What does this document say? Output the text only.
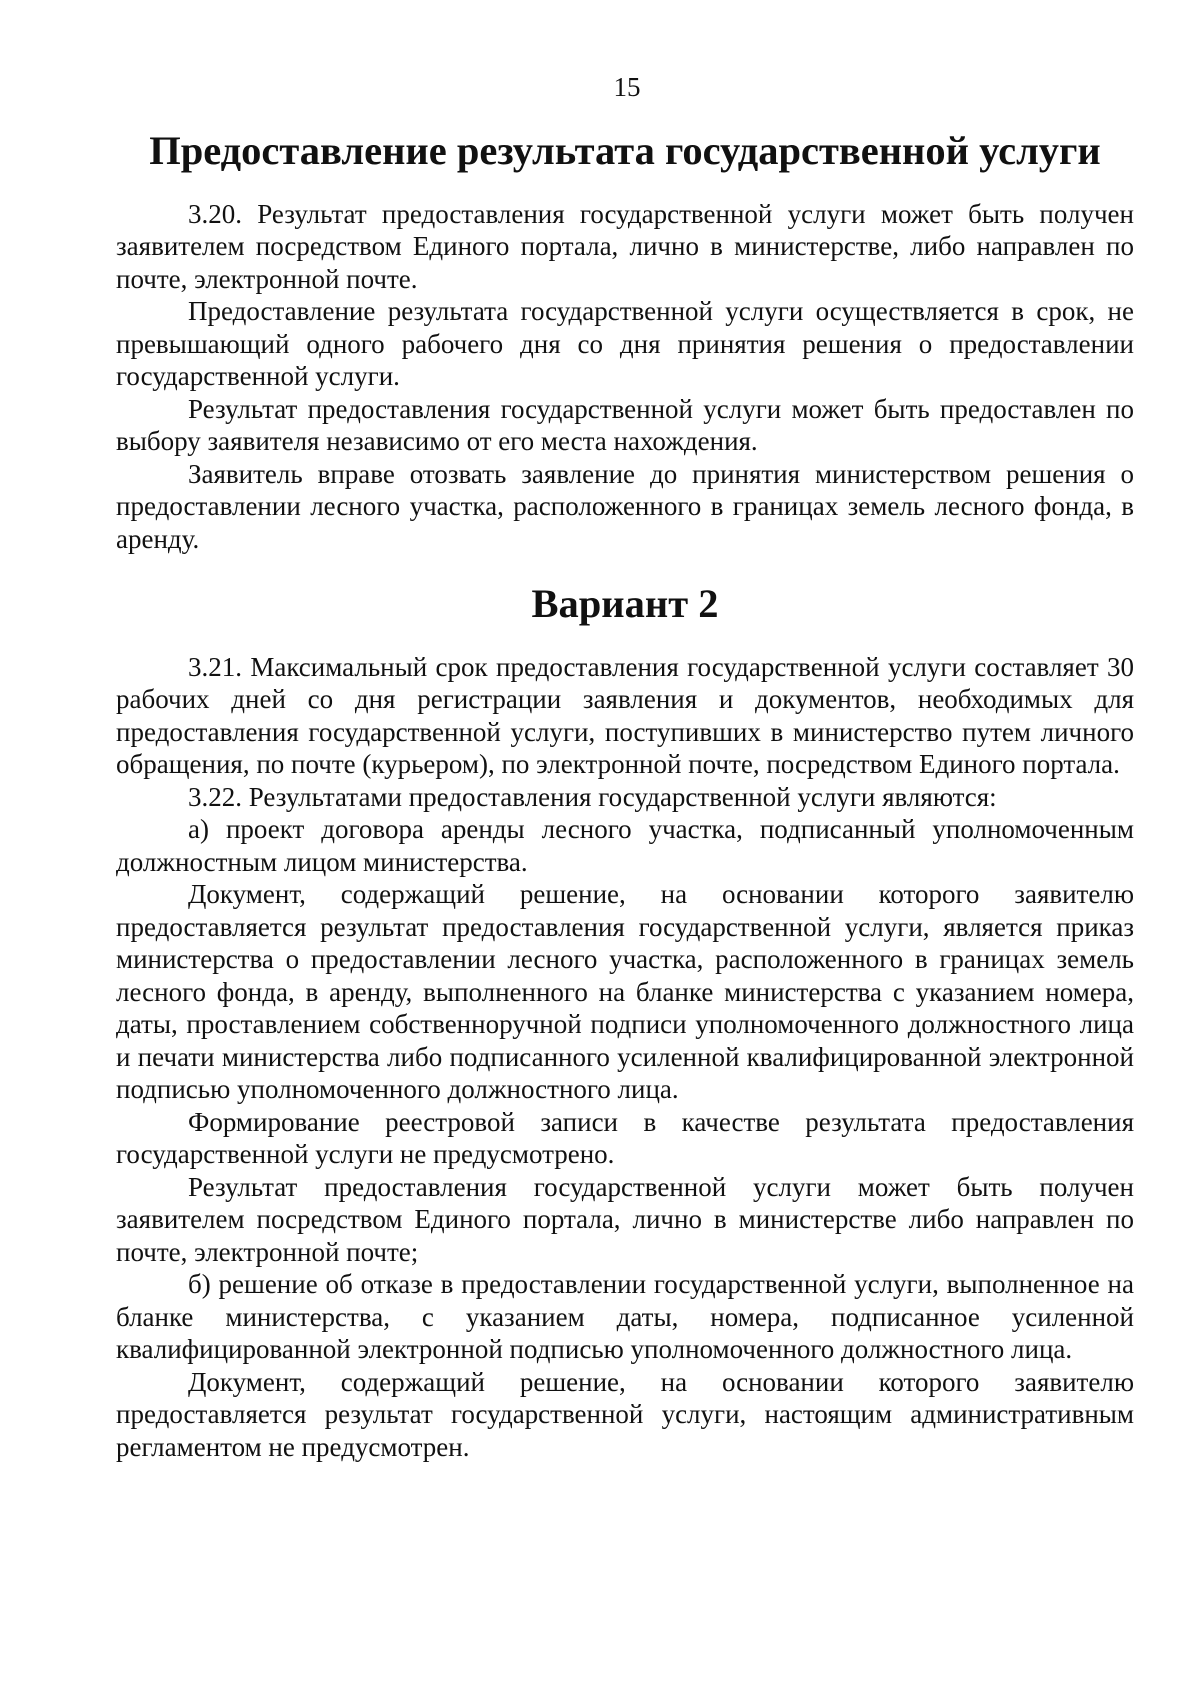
15
Предоставление результата государственной услуги

3.20. Результат предоставления государственной услуги может быть получен заявителем посредством Единого портала, лично в министерстве, либо направлен по почте, электронной почте.

Предоставление результата государственной услуги осуществляется в срок, не превышающий одного рабочего дня со дня принятия решения о предоставлении государственной услуги.

Результат предоставления государственной услуги может быть предоставлен по выбору заявителя независимо от его места нахождения.

Заявитель вправе отозвать заявление до принятия министерством решения о предоставлении лесного участка, расположенного в границах земель лесного фонда, в аренду.

Вариант 2

3.21. Максимальный срок предоставления государственной услуги составляет 30 рабочих дней со дня регистрации заявления и документов, необходимых для предоставления государственной услуги, поступивших в министерство путем личного обращения, по почте (курьером), по электронной почте, посредством Единого портала.

3.22. Результатами предоставления государственной услуги являются:

а) проект договора аренды лесного участка, подписанный уполномоченным должностным лицом министерства.

Документ, содержащий решение, на основании которого заявителю предоставляется результат предоставления государственной услуги, является приказ министерства о предоставлении лесного участка, расположенного в границах земель лесного фонда, в аренду, выполненного на бланке министерства с указанием номера, даты, проставлением собственноручной подписи уполномоченного должностного лица и печати министерства либо подписанного усиленной квалифицированной электронной подписью уполномоченного должностного лица.

Формирование реестровой записи в качестве результата предоставления государственной услуги не предусмотрено.

Результат предоставления государственной услуги может быть получен заявителем посредством Единого портала, лично в министерстве либо направлен по почте, электронной почте;

б) решение об отказе в предоставлении государственной услуги, выполненное на бланке министерства, с указанием даты, номера, подписанное усиленной квалифицированной электронной подписью уполномоченного должностного лица.

Документ, содержащий решение, на основании которого заявителю предоставляется результат государственной услуги, настоящим административным регламентом не предусмотрен.
